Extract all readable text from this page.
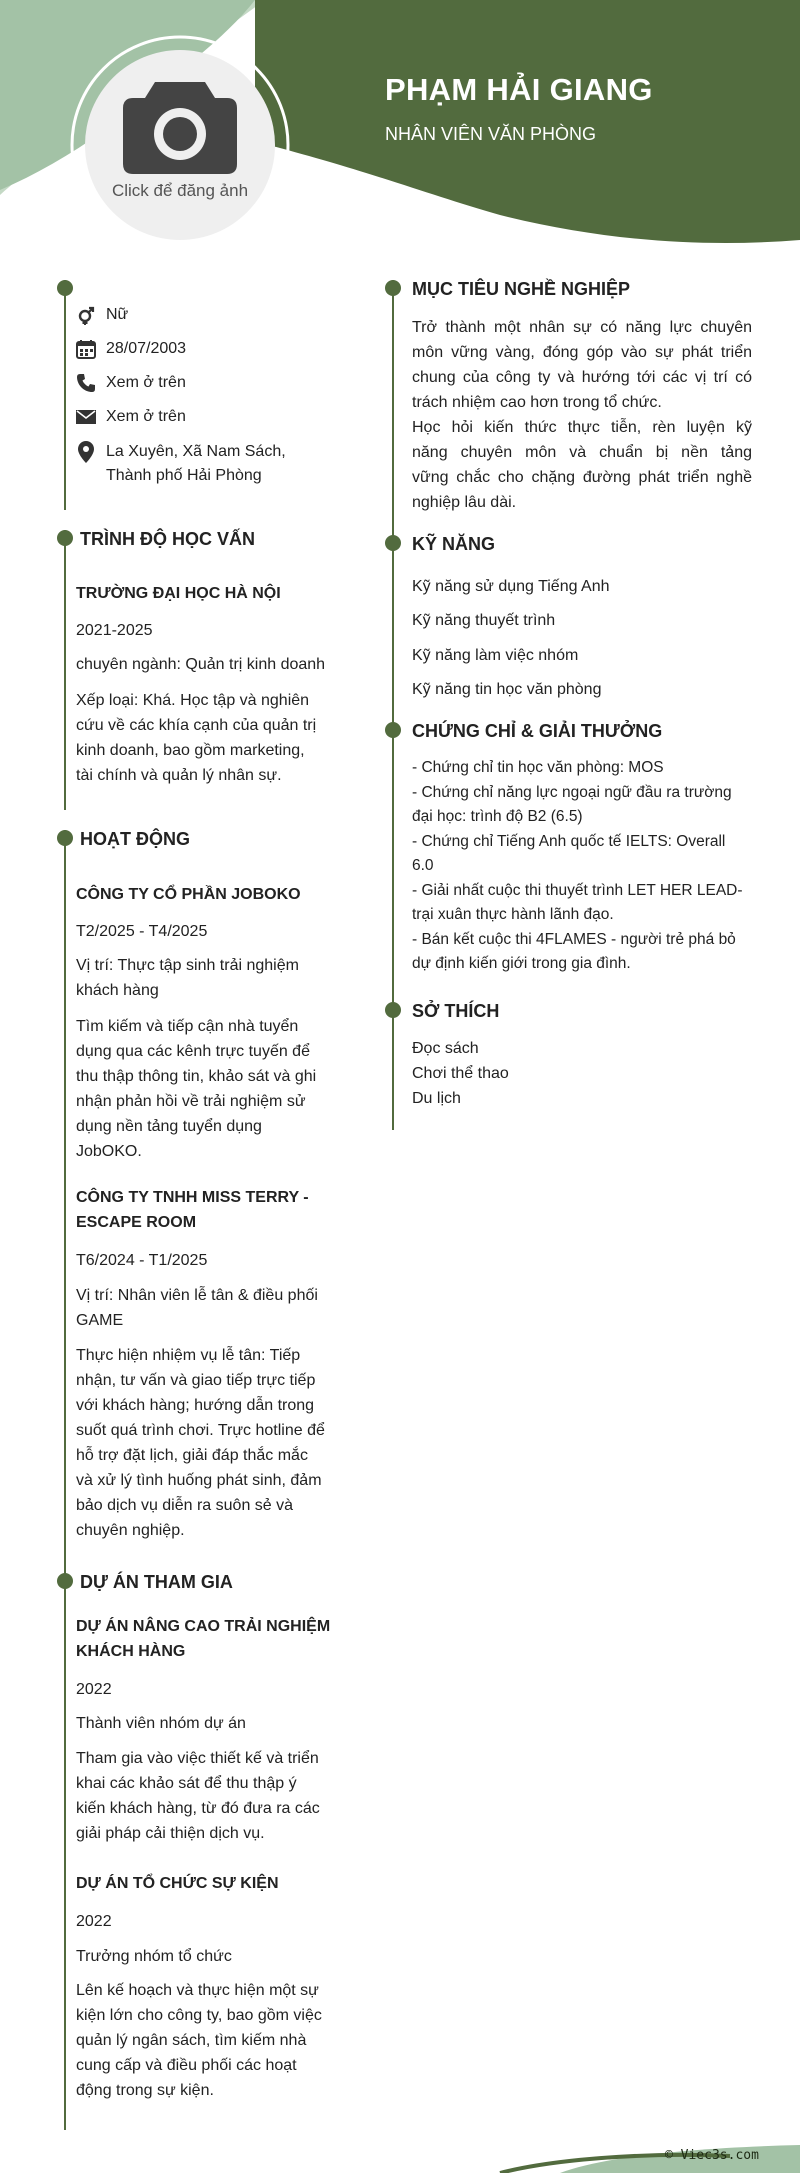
Click để đăng ảnh
PHẠM HẢI GIANG
NHÂN VIÊN VĂN PHÒNG
Nữ
28/07/2003
Xem ở trên
Xem ở trên
La Xuyên, Xã Nam Sách,
Thành phố Hải Phòng
TRÌNH ĐỘ HỌC VẤN
TRƯỜNG ĐẠI HỌC HÀ NỘI
2021-2025
chuyên ngành: Quản trị kinh doanh
Xếp loại: Khá. Học tập và nghiên
cứu về các khía cạnh của quản trị
kinh doanh, bao gồm marketing,
tài chính và quản lý nhân sự.
HOẠT ĐỘNG
CÔNG TY CỔ PHẦN JOBOKO
T2/2025 - T4/2025
Vị trí: Thực tập sinh trải nghiệm
khách hàng
Tìm kiếm và tiếp cận nhà tuyển
dụng qua các kênh trực tuyến để
thu thập thông tin, khảo sát và ghi
nhận phản hồi về trải nghiệm sử
dụng nền tảng tuyển dụng
JobOKO.
CÔNG TY TNHH MISS TERRY -
ESCAPE ROOM
T6/2024 - T1/2025
Vị trí: Nhân viên lễ tân & điều phối
GAME
Thực hiện nhiệm vụ lễ tân: Tiếp
nhận, tư vấn và giao tiếp trực tiếp
với khách hàng; hướng dẫn trong
suốt quá trình chơi. Trực hotline để
hỗ trợ đặt lịch, giải đáp thắc mắc
và xử lý tình huống phát sinh, đảm
bảo dịch vụ diễn ra suôn sẻ và
chuyên nghiệp.
DỰ ÁN THAM GIA
DỰ ÁN NÂNG CAO TRẢI NGHIỆM
KHÁCH HÀNG
2022
Thành viên nhóm dự án
Tham gia vào việc thiết kế và triển
khai các khảo sát để thu thập ý
kiến khách hàng, từ đó đưa ra các
giải pháp cải thiện dịch vụ.
DỰ ÁN TỔ CHỨC SỰ KIỆN
2022
Trưởng nhóm tổ chức
Lên kế hoạch và thực hiện một sự
kiện lớn cho công ty, bao gồm việc
quản lý ngân sách, tìm kiếm nhà
cung cấp và điều phối các hoạt
động trong sự kiện.
MỤC TIÊU NGHỀ NGHIỆP
Trở thành một nhân sự có năng lực chuyên
môn vững vàng, đóng góp vào sự phát triển
chung của công ty và hướng tới các vị trí có
trách nhiệm cao hơn trong tổ chức.
Học hỏi kiến thức thực tiễn, rèn luyện kỹ
năng chuyên môn và chuẩn bị nền tảng
vững chắc cho chặng đường phát triển nghề
nghiệp lâu dài.
KỸ NĂNG
Kỹ năng sử dụng Tiếng Anh
Kỹ năng thuyết trình
Kỹ năng làm việc nhóm
Kỹ năng tin học văn phòng
CHỨNG CHỈ & GIẢI THƯỞNG
- Chứng chỉ tin học văn phòng: MOS
- Chứng chỉ năng lực ngoại ngữ đầu ra trường
đại học: trình độ B2 (6.5)
- Chứng chỉ Tiếng Anh quốc tế IELTS: Overall
6.0
- Giải nhất cuộc thi thuyết trình LET HER LEAD-
trại xuân thực hành lãnh đạo.
- Bán kết cuộc thi 4FLAMES - người trẻ phá bỏ
dự định kiến giới trong gia đình.
SỞ THÍCH
Đọc sách
Chơi thể thao
Du lịch
© Viec3s.com
